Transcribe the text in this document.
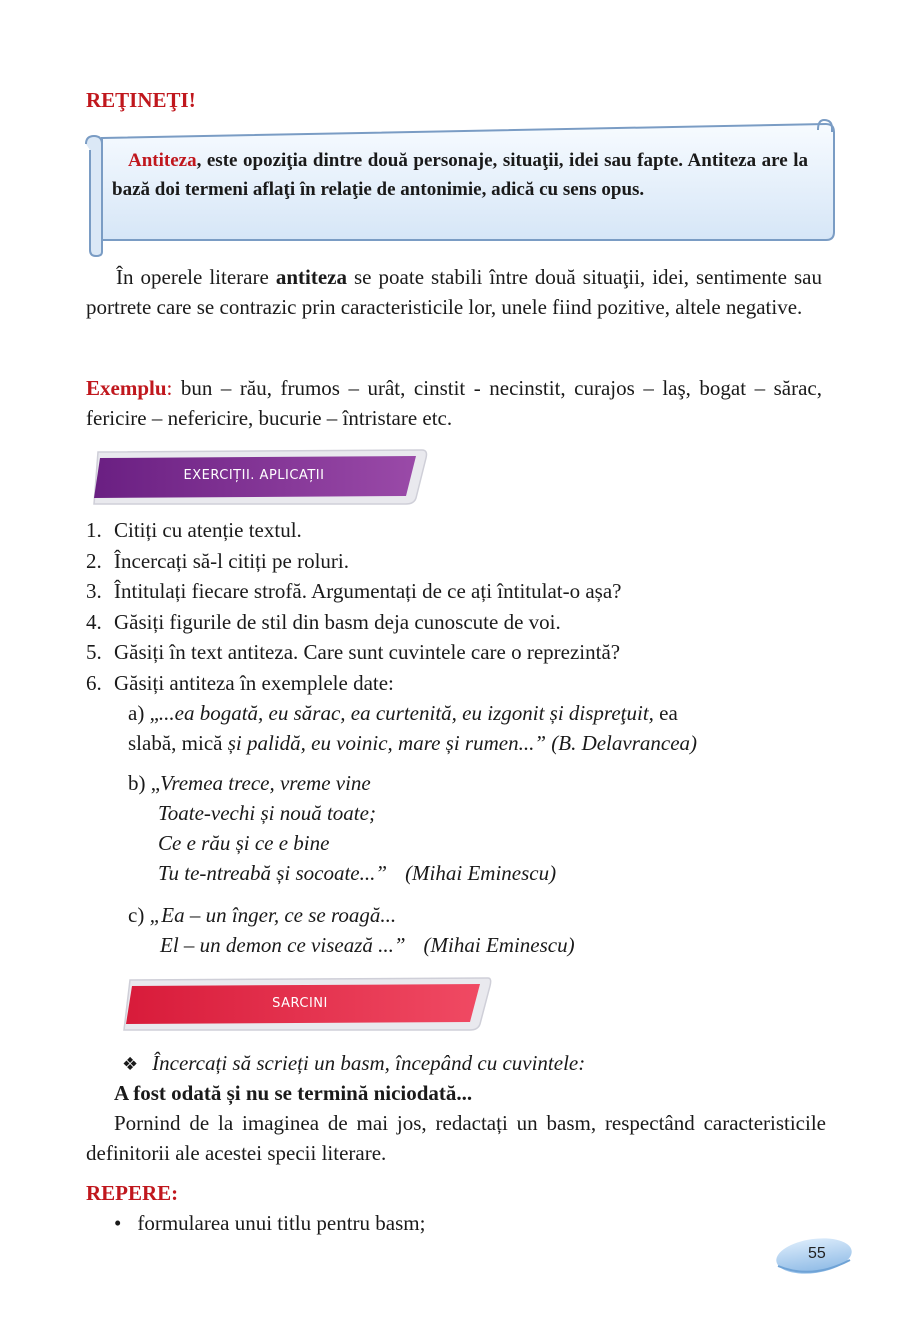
REŢINEŢI!
Antiteza, este opoziţia dintre două personaje, situaţii, idei sau fapte. Antiteza are la bază doi termeni aflaţi în relaţie de antonimie, adică cu sens opus.
În operele literare antiteza se poate stabili între două situaţii, idei, sentimente sau portrete care se contrazic prin caracteristicile lor, unele fiind pozitive, altele negative.
Exemplu: bun – rău, frumos – urât, cinstit - necinstit, curajos – laş, bogat – sărac, fericire – nefericire, bucurie – întristare etc.
EXERCIȚII. APLICAȚII
1. Citiți cu atenție textul.
2. Încercați să-l citiți pe roluri.
3. Întitulați fiecare strofă. Argumentați de ce ați întitulat-o așa?
4. Găsiți figurile de stil din basm deja cunoscute de voi.
5. Găsiți în text antiteza. Care sunt cuvintele care o reprezintă?
6. Găsiți antiteza în exemplele date:
a) „...ea bogată, eu sărac, ea curtenită, eu izgonit și dispreţuit, ea
slabă, mică și palidă, eu voinic, mare și rumen...” (B. Delavrancea)
b) „Vremea trece, vreme vine
Toate-vechi și nouă toate;
Ce e rău și ce e bine
Tu te-ntreabă și socoate...” (Mihai Eminescu)
c) „Ea – un înger, ce se roagă...
El – un demon ce visează ...” (Mihai Eminescu)
SARCINI
❖ Încercați să scrieți un basm, începând cu cuvintele:
A fost odată și nu se termină niciodată...
Pornind de la imaginea de mai jos, redactați un basm, respectând caracteristicile definitorii ale acestei specii literare.
REPERE:
• formularea unui titlu pentru basm;
55
